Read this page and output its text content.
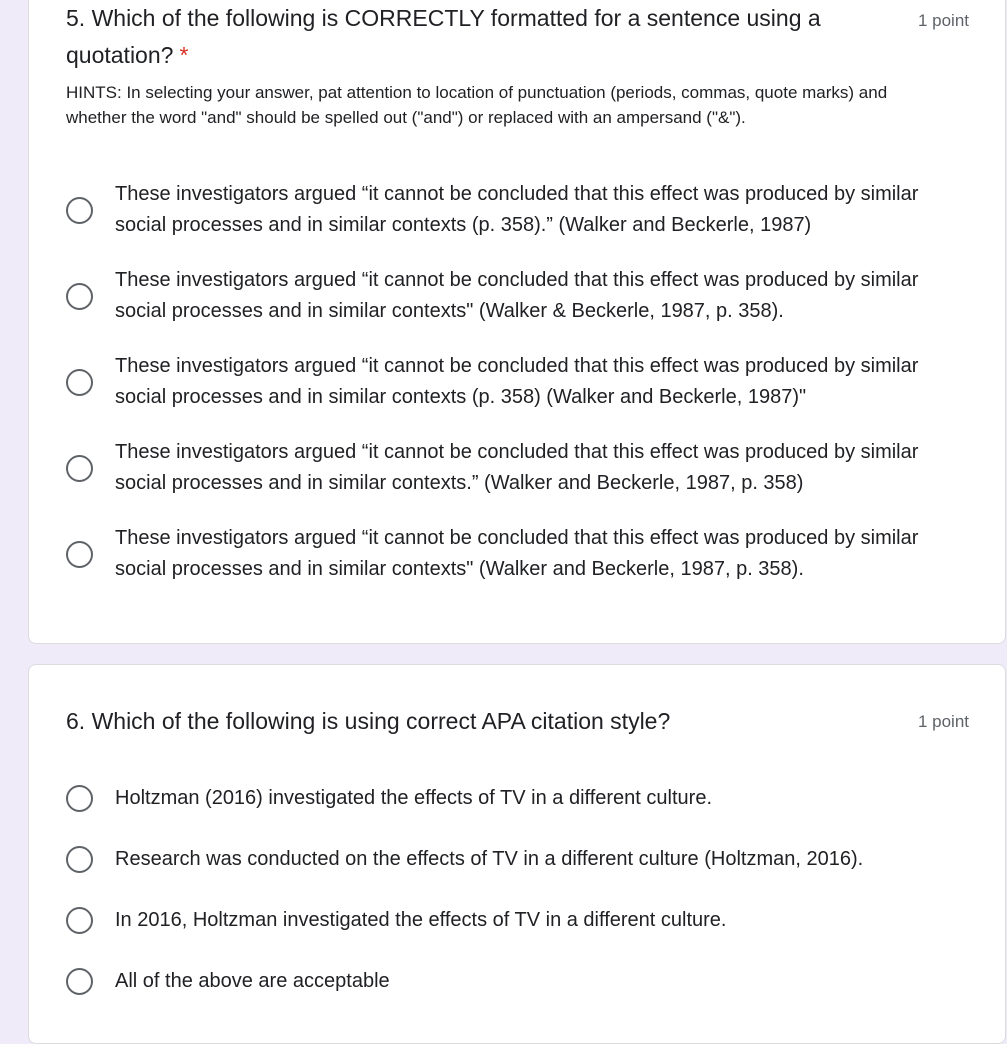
5. Which of the following is CORRECTLY formatted for a sentence using a quotation? *
1 point
HINTS: In selecting your answer, pat attention to location of punctuation (periods, commas, quote marks) and whether the word "and" should be spelled out ("and") or replaced with an ampersand ("&").
These investigators argued “it cannot be concluded that this effect was produced by similar social processes and in similar contexts (p. 358).” (Walker and Beckerle, 1987)
These investigators argued “it cannot be concluded that this effect was produced by similar social processes and in similar contexts" (Walker & Beckerle, 1987, p. 358).
These investigators argued “it cannot be concluded that this effect was produced by similar social processes and in similar contexts (p. 358) (Walker and Beckerle, 1987)"
These investigators argued “it cannot be concluded that this effect was produced by similar social processes and in similar contexts.” (Walker and Beckerle, 1987, p. 358)
These investigators argued “it cannot be concluded that this effect was produced by similar social processes and in similar contexts" (Walker and Beckerle, 1987, p. 358).
6. Which of the following is using correct APA citation style?	1 point
Holtzman (2016) investigated the effects of TV in a different culture.
Research was conducted on the effects of TV in a different culture (Holtzman, 2016).
In 2016, Holtzman investigated the effects of TV in a different culture.
All of the above are acceptable
